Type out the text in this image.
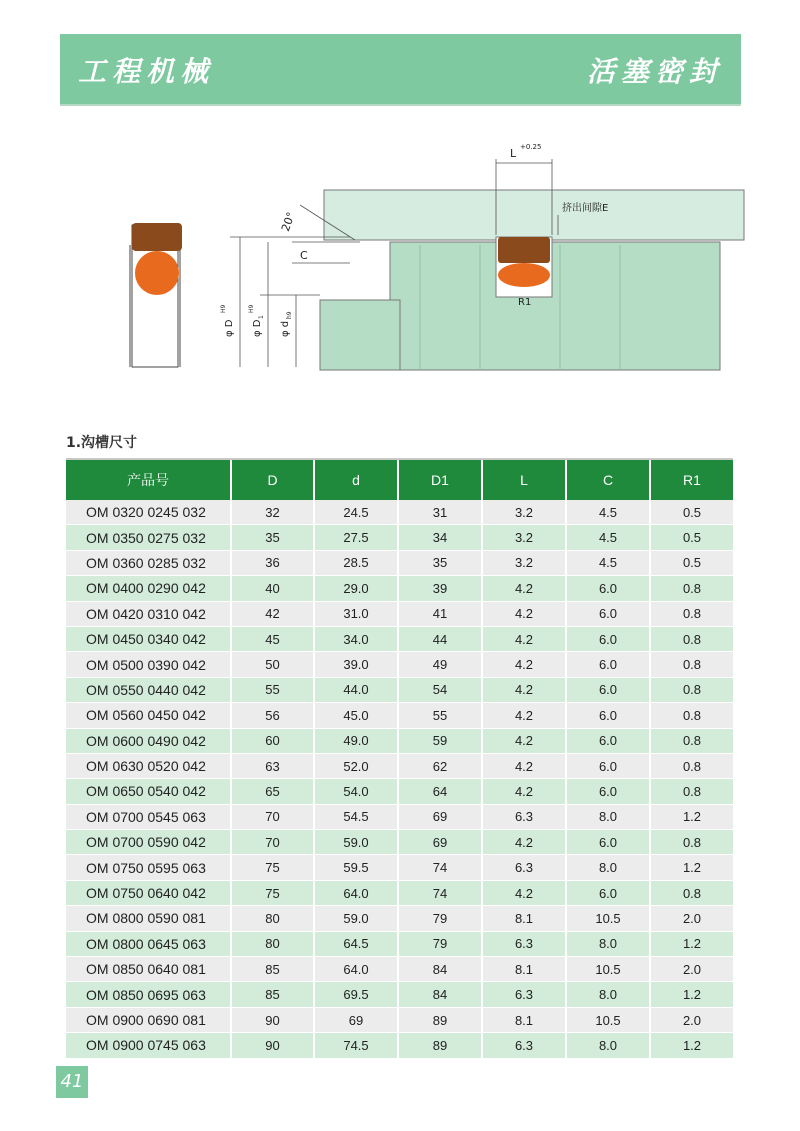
工程机械	活塞密封
L +0.25
挤出间隙E
20°
C
R1
φ D
H9
φ D
1
H9
φ d
h9
1.沟槽尺寸
产品号	D	d	D1	L	C	R1
OM 0320 0245 032	32	24.5	31	3.2	4.5	0.5
OM 0350 0275 032	35	27.5	34	3.2	4.5	0.5
OM 0360 0285 032	36	28.5	35	3.2	4.5	0.5
OM 0400 0290 042	40	29.0	39	4.2	6.0	0.8
OM 0420 0310 042	42	31.0	41	4.2	6.0	0.8
OM 0450 0340 042	45	34.0	44	4.2	6.0	0.8
OM 0500 0390 042	50	39.0	49	4.2	6.0	0.8
OM 0550 0440 042	55	44.0	54	4.2	6.0	0.8
OM 0560 0450 042	56	45.0	55	4.2	6.0	0.8
OM 0600 0490 042	60	49.0	59	4.2	6.0	0.8
OM 0630 0520 042	63	52.0	62	4.2	6.0	0.8
OM 0650 0540 042	65	54.0	64	4.2	6.0	0.8
OM 0700 0545 063	70	54.5	69	6.3	8.0	1.2
OM 0700 0590 042	70	59.0	69	4.2	6.0	0.8
OM 0750 0595 063	75	59.5	74	6.3	8.0	1.2
OM 0750 0640 042	75	64.0	74	4.2	6.0	0.8
OM 0800 0590 081	80	59.0	79	8.1	10.5	2.0
OM 0800 0645 063	80	64.5	79	6.3	8.0	1.2
OM 0850 0640 081	85	64.0	84	8.1	10.5	2.0
OM 0850 0695 063	85	69.5	84	6.3	8.0	1.2
OM 0900 0690 081	90	69	89	8.1	10.5	2.0
OM 0900 0745 063	90	74.5	89	6.3	8.0	1.2
41
